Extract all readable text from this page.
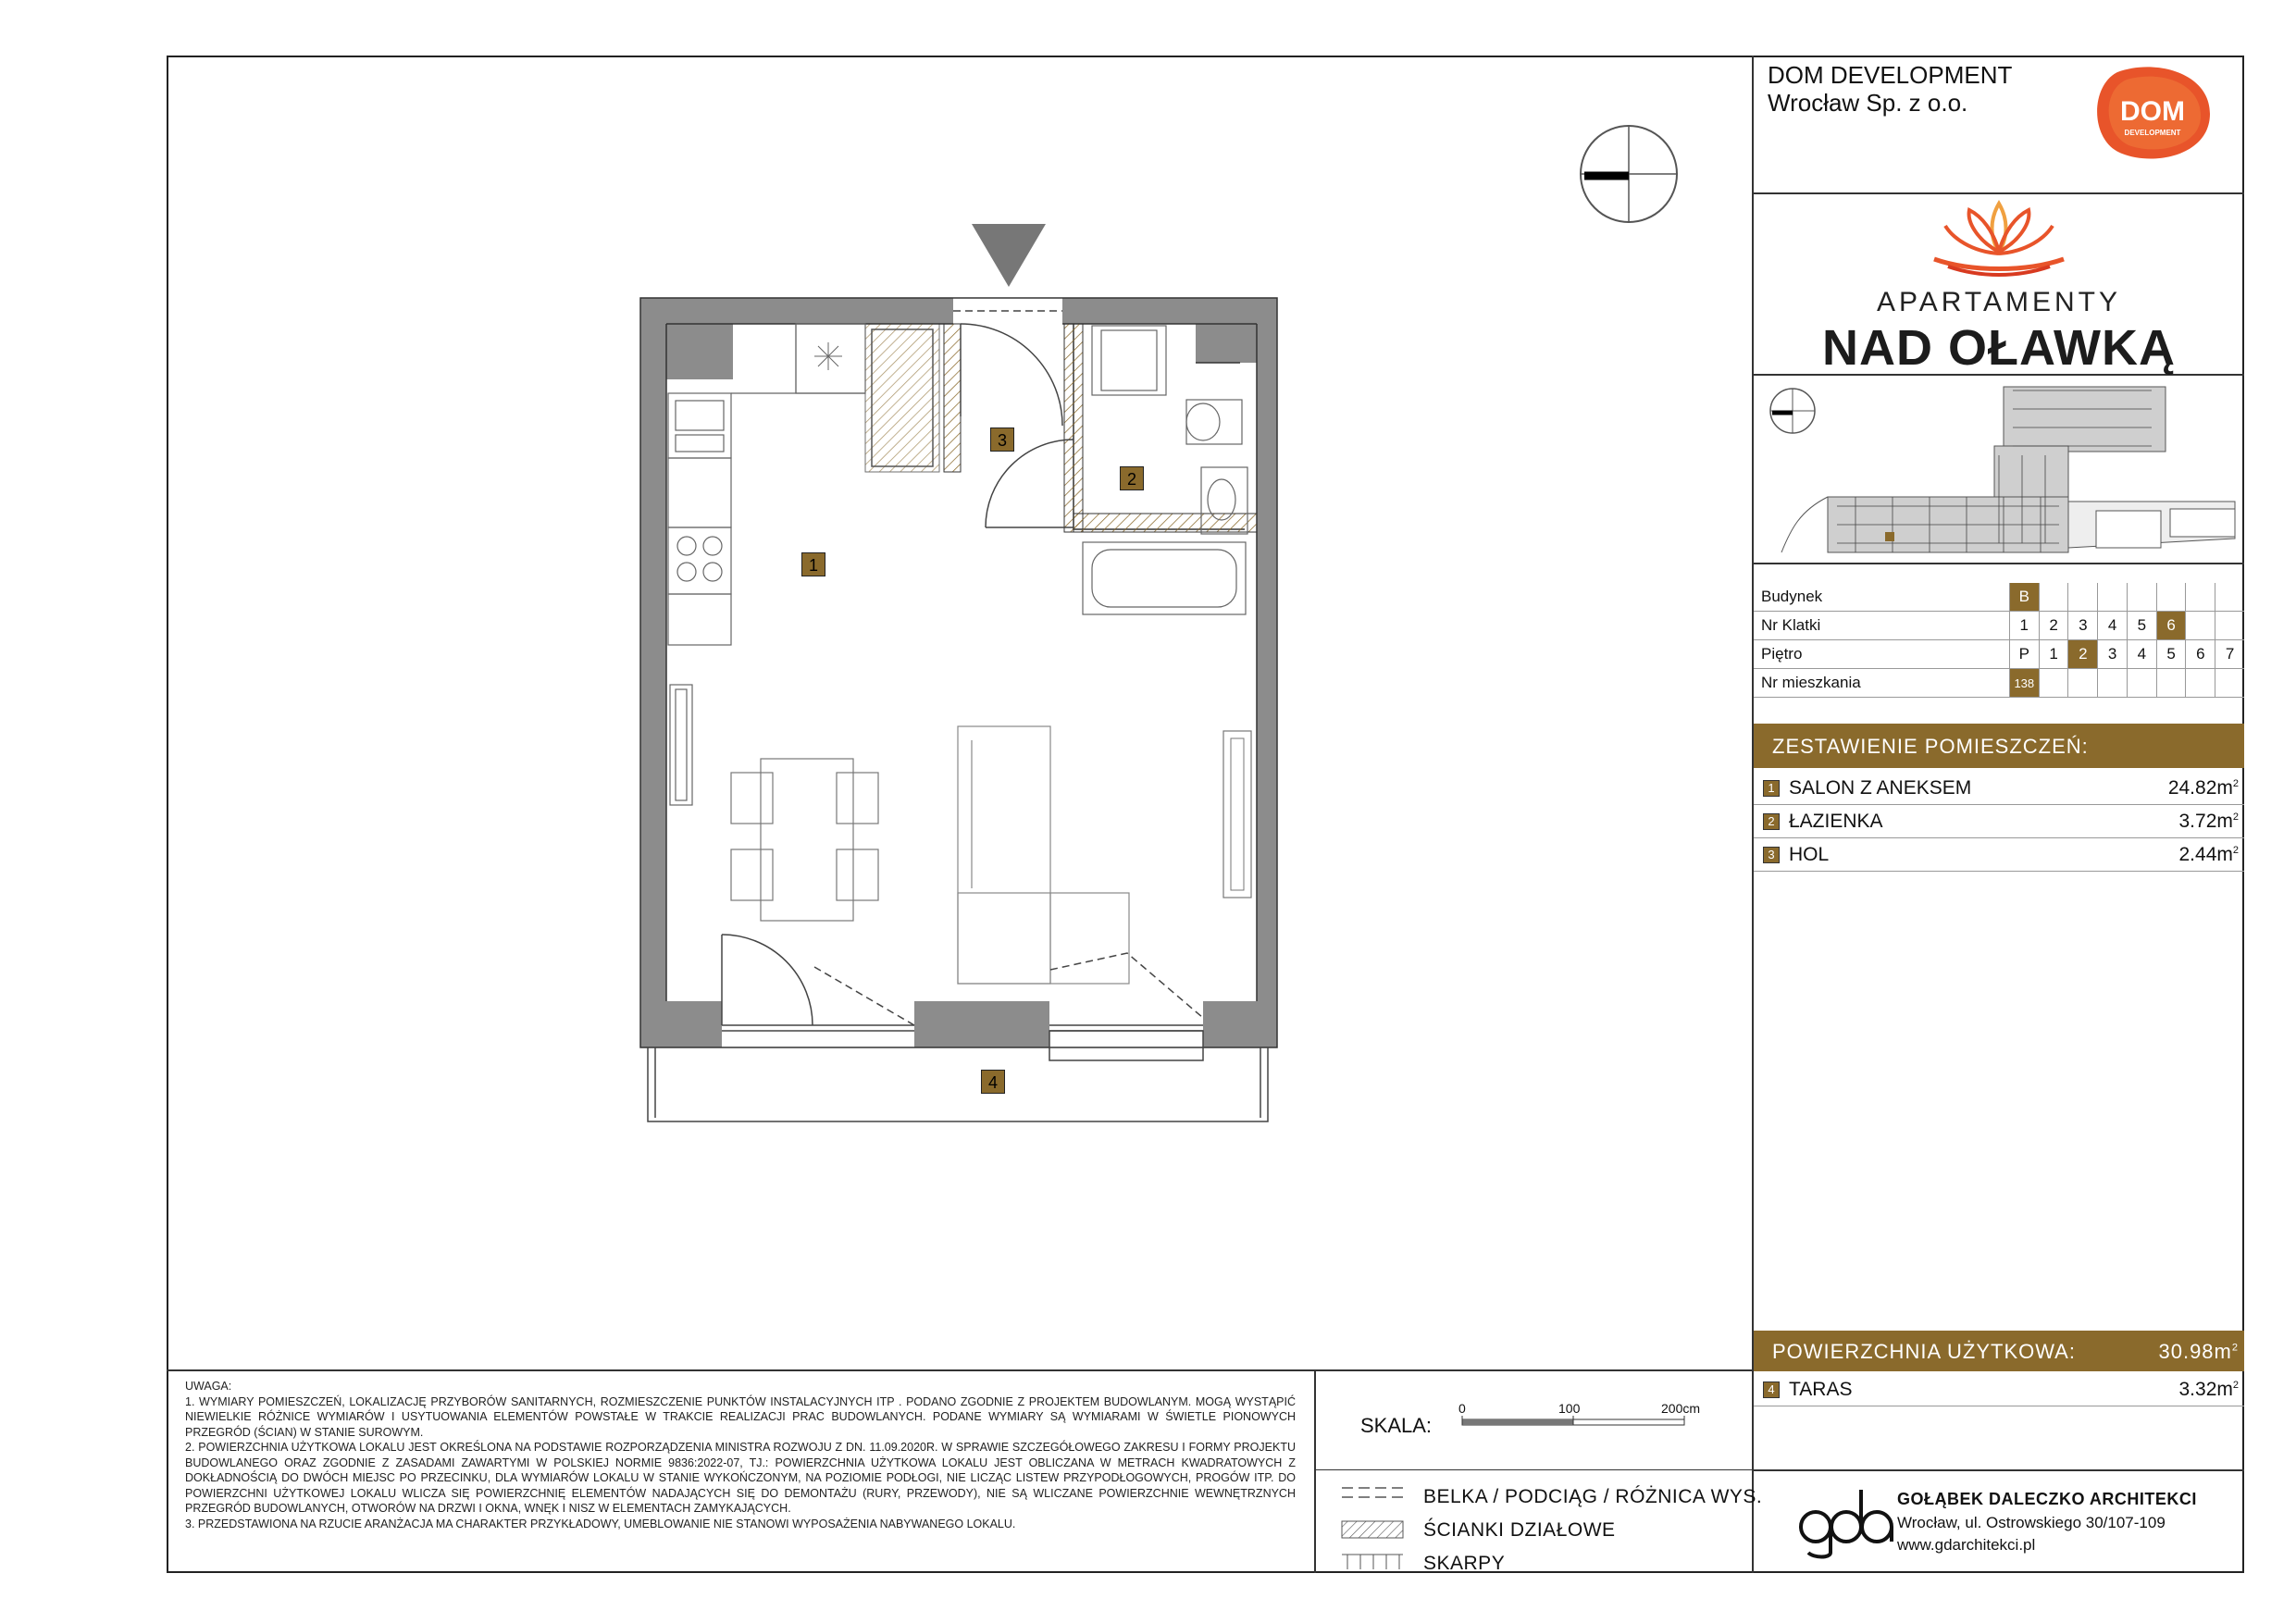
DOM DEVELOPMENT
Wrocław Sp. z o.o.	DOM
DEVELOPMENT
APARTAMENTY
NAD OŁAWKĄ
Budynek	B							
Nr Klatki	1	2	3	4	5	6		
Piętro	P	1	2	3	4	5	6	7
Nr mieszkania	138							
ZESTAWIENIE POMIESZCZEŃ:
1 SALON Z ANEKSEM	$24.82m^2$
2 ŁAZIENKA	$3.72m^2$
3 HOL	$2.44m^2$
POWIERZCHNIA UŻYTKOWA:	$30.98m^2$
4 TARAS	$3.32m^2$
1
2
3
4

UWAGA:

1. WYMIARY POMIESZCZEŃ, LOKALIZACJĘ PRZYBORÓW SANITARNYCH, ROZMIESZCZENIE PUNKTÓW INSTALACYJNYCH ITP . PODANO ZGODNIE Z PROJEKTEM BUDOWLANYM. MOGĄ WYSTĄPIĆ NIEWIELKIE RÓŻNICE WYMIARÓW I USYTUOWANIA ELEMENTÓW POWSTAŁE W TRAKCIE REALIZACJI PRAC BUDOWLANYCH. PODANE WYMIARY SĄ WYMIARAMI W ŚWIETLE PIONOWYCH PRZEGRÓD (ŚCIAN) W STANIE SUROWYM.

2. POWIERZCHNIA UŻYTKOWA LOKALU JEST OKREŚLONA NA PODSTAWIE ROZPORZĄDZENIA MINISTRA ROZWOJU Z DN. 11.09.2020R. W SPRAWIE SZCZEGÓŁOWEGO ZAKRESU I FORMY PROJEKTU BUDOWLANEGO ORAZ ZGODNIE Z ZASADAMI ZAWARTYMI W POLSKIEJ NORMIE 9836:2022-07, TJ.: POWIERZCHNIA UŻYTKOWA LOKALU JEST OBLICZANA W METRACH KWADRATOWYCH Z DOKŁADNOŚCIĄ DO DWÓCH MIEJSC PO PRZECINKU, DLA WYMIARÓW LOKALU W STANIE WYKOŃCZONYM, NA POZIOMIE PODŁOGI, NIE LICZĄC LISTEW PRZYPODŁOGOWYCH, PROGÓW ITP. DO POWIERZCHNI UŻYTKOWEJ LOKALU WLICZA SIĘ POWIERZCHNIĘ ELEMENTÓW NADAJĄCYCH SIĘ DO DEMONTAŻU (RURY, PRZEWODY), NIE SĄ WLICZANE POWIERZCHNIE WEWNĘTRZNYCH PRZEGRÓD BUDOWLANYCH, OTWORÓW NA DRZWI I OKNA, WNĘK I NISZ W ELEMENTACH ZAMYKAJĄCYCH.

3. PRZEDSTAWIONA NA RZUCIE ARANŻACJA MA CHARAKTER PRZYKŁADOWY, UMEBLOWANIE NIE STANOWI WYPOSAŻENIA NABYWANEGO LOKALU.

SKALA:
0	100	200cm
BELKA / PODCIĄG / RÓŻNICA WYS.
ŚCIANKI DZIAŁOWE
SKARPY
GOŁĄBEK DALECZKO ARCHITEKCI
Wrocław, ul. Ostrowskiego 30/107-109
www.gdarchitekci.pl
